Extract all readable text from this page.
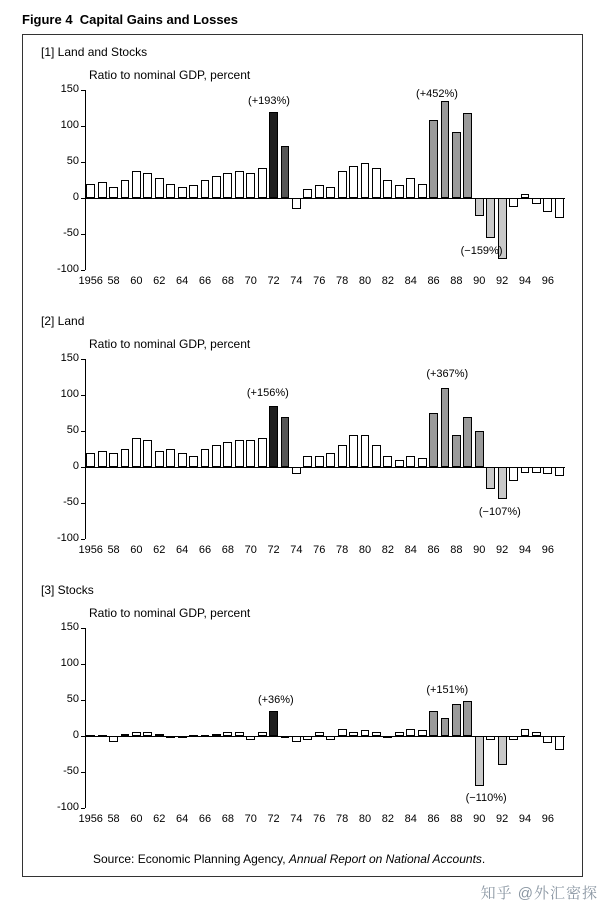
Figure 4  Capital Gains and Losses
[1] Land and Stocks
Ratio to nominal GDP, percent
150
100
50
0
-50
-100
1956 58 60 62 64 66 68 70 72 74 76 78 80 82 84 86 88 90 92 94 96
(+193%)
(+452%)
(−159%)
[2] Land
Ratio to nominal GDP, percent
150
100
50
0
-50
-100
1956 58 60 62 64 66 68 70 72 74 76 78 80 82 84 86 88 90 92 94 96
(+156%)
(+367%)
(−107%)
[3] Stocks
Ratio to nominal GDP, percent
150
100
50
0
-50
-100
1956 58 60 62 64 66 68 70 72 74 76 78 80 82 84 86 88 90 92 94 96
(+36%)
(+151%)
(−110%)
Source: Economic Planning Agency, Annual Report on National Accounts.
知乎 @外汇密探
